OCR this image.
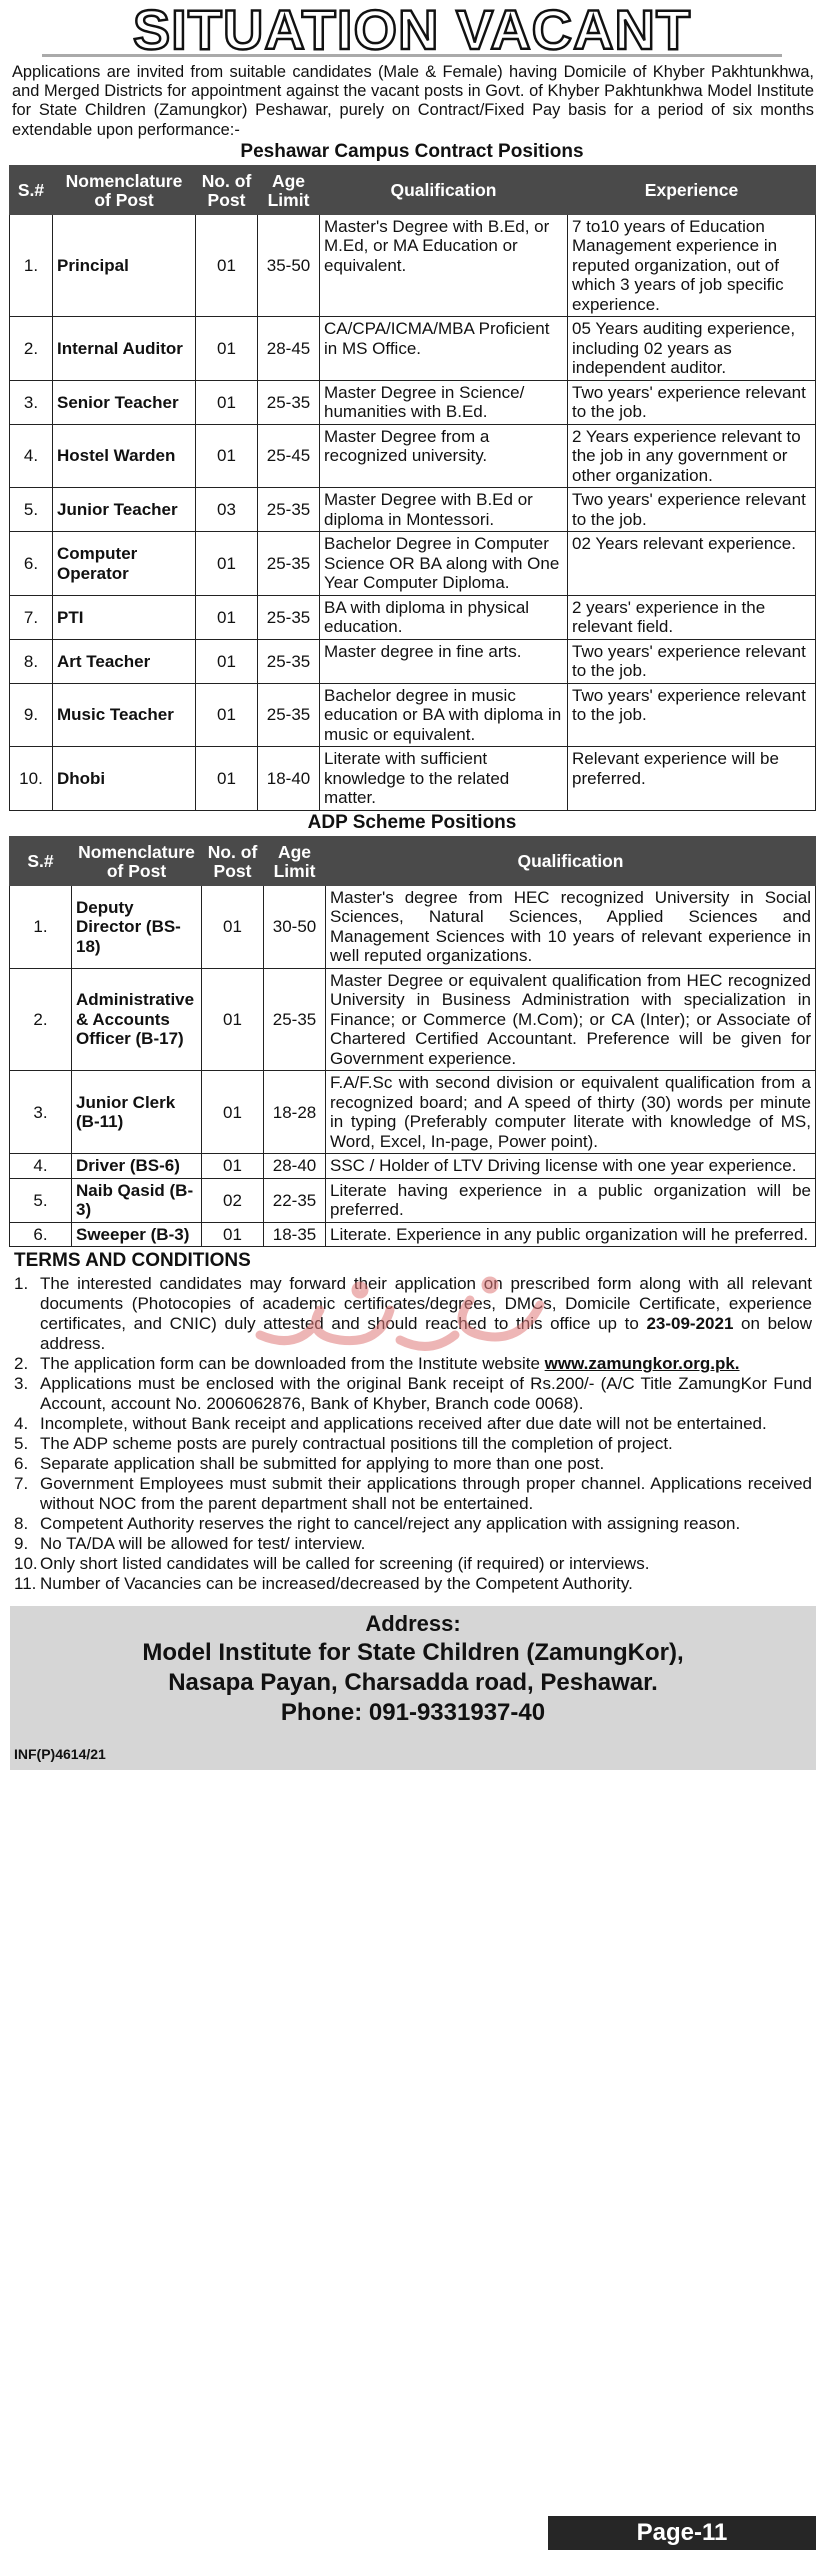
SITUATION VACANT
Applications are invited from suitable candidates (Male & Female) having Domicile of Khyber Pakhtunkhwa, and Merged Districts for appointment against the vacant posts in Govt. of Khyber Pakhtunkhwa Model Institute for State Children (Zamungkor) Peshawar, purely on Contract/Fixed Pay basis for a period of six months extendable upon performance:-
Peshawar Campus Contract Positions
S.#	Nomenclature of Post	No. of Post	Age Limit	Qualification	Experience
1.	Principal	01	35-50	Master's Degree with B.Ed, or M.Ed, or MA Education or equivalent.	7 to10 years of Education Management experience in reputed organization, out of which 3 years of job specific experience.
2.	Internal Auditor	01	28-45	CA/CPA/ICMA/MBA Proficient in MS Office.	05 Years auditing experience, including 02 years as independent auditor.
3.	Senior Teacher	01	25-35	Master Degree in Science/ humanities with B.Ed.	Two years' experience relevant to the job.
4.	Hostel Warden	01	25-45	Master Degree from a recognized university.	2 Years experience relevant to the job in any government or other organization.
5.	Junior Teacher	03	25-35	Master Degree with B.Ed or diploma in Montessori.	Two years' experience relevant to the job.
6.	Computer Operator	01	25-35	Bachelor Degree in Computer Science OR BA along with One Year Computer Diploma.	02 Years relevant experience.
7.	PTI	01	25-35	BA with diploma in physical education.	2 years' experience in the relevant field.
8.	Art Teacher	01	25-35	Master degree in fine arts.	Two years' experience relevant to the job.
9.	Music Teacher	01	25-35	Bachelor degree in music education or BA with diploma in music or equivalent.	Two years' experience relevant to the job.
10.	Dhobi	01	18-40	Literate with sufficient knowledge to the related matter.	Relevant experience will be preferred.
ADP Scheme Positions
S.#	Nomenclature of Post	No. of Post	Age Limit	Qualification
1.	Deputy Director (BS-18)	01	30-50	Master's degree from HEC recognized University in Social Sciences, Natural Sciences, Applied Sciences and Management Sciences with 10 years of relevant experience in well reputed organizations.
2.	Administrative & Accounts Officer (B-17)	01	25-35	Master Degree or equivalent qualification from HEC recognized University in Business Administration with specialization in Finance; or Commerce (M.Com); or CA (Inter); or Associate of Chartered Certified Accountant. Preference will be given for Government experience.
3.	Junior Clerk (B-11)	01	18-28	F.A/F.Sc with second division or equivalent qualification from a recognized board; and A speed of thirty (30) words per minute in typing (Preferably computer literate with knowledge of MS, Word, Excel, In-page, Power point).
4.	Driver (BS-6)	01	28-40	SSC / Holder of LTV Driving license with one year experience.
5.	Naib Qasid (B-3)	02	22-35	Literate having experience in a public organization will be preferred.
6.	Sweeper (B-3)	01	18-35	Literate. Experience in any public organization will he preferred.
TERMS AND CONDITIONS
1. The interested candidates may forward their application on prescribed form along with all relevant documents (Photocopies of academic certificates/degrees, DMCs, Domicile Certificate, experience certificates, and CNIC) duly attested and should reached to this office up to 23-09-2021 on below address.
2. The application form can be downloaded from the Institute website www.zamungkor.org.pk.
3. Applications must be enclosed with the original Bank receipt of Rs.200/- (A/C Title ZamungKor Fund Account, account No. 2006062876, Bank of Khyber, Branch code 0068).
4. Incomplete, without Bank receipt and applications received after due date will not be entertained.
5. The ADP scheme posts are purely contractual positions till the completion of project.
6. Separate application shall be submitted for applying to more than one post.
7. Government Employees must submit their applications through proper channel. Applications received without NOC from the parent department shall not be entertained.
8. Competent Authority reserves the right to cancel/reject any application with assigning reason.
9. No TA/DA will be allowed for test/ interview.
10. Only short listed candidates will be called for screening (if required) or interviews.
11. Number of Vacancies can be increased/decreased by the Competent Authority.
Address:
Model Institute for State Children (ZamungKor),
Nasapa Payan, Charsadda road, Peshawar.
Phone: 091-9331937-40
INF(P)4614/21
Page-11
